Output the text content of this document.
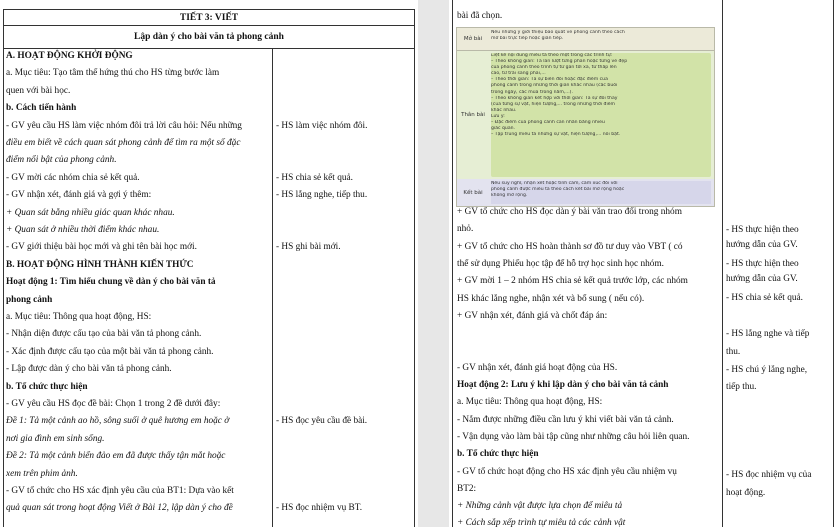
TIẾT 3: VIẾT
Lập dàn ý cho bài văn tả phong cảnh
A. HOẠT ĐỘNG KHỞI ĐỘNG
a. Mục tiêu: Tạo tâm thế hứng thú cho HS từng bước làm
quen với bài học.
b. Cách tiến hành
- GV yêu cầu HS làm việc nhóm đôi trả lời câu hỏi: Nếu những
điều em biết về cách quan sát phong cảnh để tìm ra một số đặc
điểm nổi bật của phong cảnh.
- GV mời các nhóm chia sẻ kết quả.
- GV nhận xét, đánh giá và gợi ý thêm:
+ Quan sát bằng nhiều giác quan khác nhau.
+ Quan sát ở nhiều thời điểm khác nhau.
- GV giới thiệu bài học mới và ghi tên bài học mới.
B. HOẠT ĐỘNG HÌNH THÀNH KIẾN THỨC
Hoạt động 1: Tìm hiểu chung về dàn ý cho bài văn tả
phong cảnh
a. Mục tiêu: Thông qua hoạt động, HS:
- Nhận diện được cấu tạo của bài văn tả phong cảnh.
- Xác định được cấu tạo của một bài văn tả phong cảnh.
- Lập được dàn ý cho bài văn tả phong cảnh.
b. Tổ chức thực hiện
- GV yêu cầu HS đọc đề bài: Chọn 1 trong 2 đề dưới đây:
Đề 1: Tả một cảnh ao hồ, sông suối ở quê hương em hoặc ở
nơi gia đình em sinh sống.
Đề 2: Tả một cảnh biển đảo em đã được thấy tận mắt hoặc
xem trên phim ảnh.
- GV tổ chức cho HS xác định yêu cầu của BT1: Dựa vào kết
quả quan sát trong hoạt động Viết ở Bài 12, lập dàn ý cho đề
- HS làm việc nhóm đôi.
- HS chia sẻ kết quả.
- HS lắng nghe, tiếp thu.
- HS ghi bài mới.
- HS đọc yêu cầu đề bài.
- HS đọc nhiệm vụ BT.
bài đã chọn.
+ GV tổ chức cho HS đọc dàn ý bài văn trao đổi trong nhóm
nhỏ.
+ GV tổ chức cho HS hoàn thành sơ đồ tư duy vào VBT ( có
thể sử dụng Phiếu học tập để hỗ trợ học sinh học nhóm.
+ GV mời 1 – 2 nhóm HS chia sẻ kết quả trước lớp, các nhóm
HS khác lắng nghe, nhận xét và bổ sung ( nếu có).
+ GV nhận xét, đánh giá và chốt đáp án:
- GV nhận xét, đánh giá hoạt động của HS.
Hoạt động 2: Lưu ý khi lập dàn ý cho bài văn tả cảnh
a. Mục tiêu: Thông qua hoạt động, HS:
- Nắm được những điều cần lưu ý khi viết bài văn tả cảnh.
- Vận dụng vào làm bài tập cũng như những câu hỏi liên quan.
b. Tổ chức thực hiện
- GV tổ chức hoạt động cho HS xác định yêu cầu nhiệm vụ
BT2:
+ Những cảnh vật được lựa chọn để miêu tả
+ Cách sắp xếp trình tự miêu tả các cảnh vật
- HS thực hiện theo
hướng dẫn của GV.
- HS thực hiện theo
hướng dẫn của GV.
- HS chia sẻ kết quả.
- HS lắng nghe và tiếp
thu.
- HS chú ý lắng nghe,
tiếp thu.
- HS đọc nhiệm vụ của
hoạt động.
Mở bài
Nêu những ý giới thiệu bao quát về phong cảnh theo cách
mở bài trực tiếp hoặc gián tiếp.
Thân bài
Liệt kê nội dung miêu tả theo một trong các trình tự:
– Theo không gian: Tả lần lượt từng phần hoặc từng vẻ đẹp
của phong cảnh theo trình tự từ gần tới xa, từ thấp lên
cao, từ trái sang phải,...
– Theo thời gian: Tả sự biến đổi hoặc đặc điểm của
phong cảnh trong những thời gian khác nhau (các buổi
trong ngày, các mùa trong năm,...).
– Theo không gian kết hợp với thời gian: Tả sự đổi thay
(của từng sự vật, hiện tượng,... trong những thời điểm
khác nhau.
Lưu ý:
– Đặc điểm của phong cảnh cần nhấn bằng nhiều
giác quan.
– Tập trung miêu tả những sự vật, hiện tượng,... nổi bật.
Kết bài
Nêu suy nghĩ, nhận xét hoặc tình cảm, cảm xúc đối với
phong cảnh được miêu tả theo cách kết bài mở rộng hoặc
không mở rộng.
